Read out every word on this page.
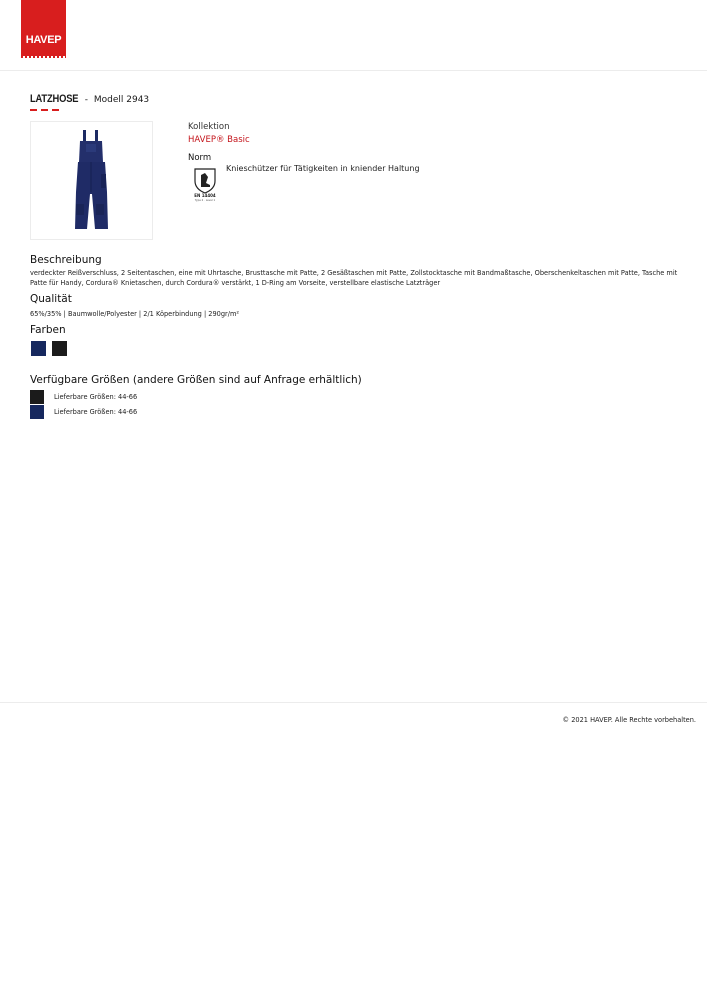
HAVEP
LATZHOSE - Modell 2943
Kollektion
HAVEP® Basic
Norm
EN 14404
Type 2 · Level 1
Knieschützer für Tätigkeiten in kniender Haltung
Beschreibung
verdeckter Reißverschluss, 2 Seitentaschen, eine mit Uhrtasche, Brusttasche mit Patte, 2 Gesäßtaschen mit Patte, Zollstocktasche mit Bandmaßtasche, Oberschenkeltaschen mit Patte, Tasche mit Patte für Handy, Cordura® Knietaschen, durch Cordura® verstärkt, 1 D-Ring am Vorseite, verstellbare elastische Latzträger
Qualität
65%/35% | Baumwolle/Polyester | 2/1 Köperbindung | 290gr/m²
Farben
Verfügbare Größen (andere Größen sind auf Anfrage erhältlich)
Lieferbare Größen: 44-66
Lieferbare Größen: 44-66
© 2021 HAVEP. Alle Rechte vorbehalten.
